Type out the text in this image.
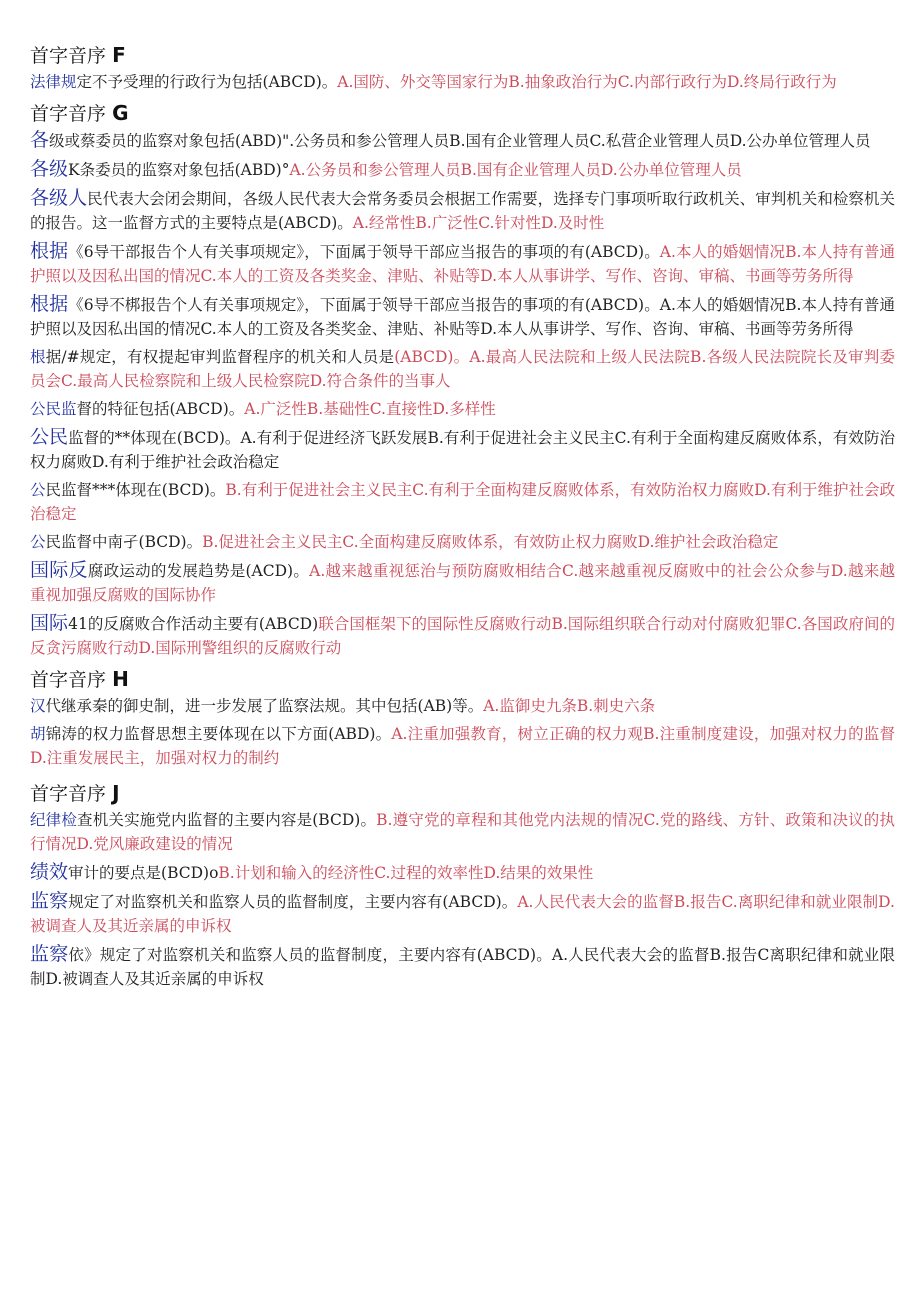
首字音序 F

法律规定不予受理的行政行为包括(ABCD)。A.国防、外交等国家行为B.抽象政治行为C.内部行政行为D.终局行政行为

首字音序 G

各级或蔡委员的监察对象包括(ABD)".公务员和参公管理人员B.国有企业管理人员C.私营企业管理人员D.公办单位管理人员

各级K条委员的监察对象包括(ABD)°A.公务员和参公管理人员B.国有企业管理人员D.公办单位管理人员

各级人民代表大会闭会期间，各级人民代表大会常务委员会根据工作需要，选择专门事项听取行政机关、审判机关和检察机关的报告。这一监督方式的主要特点是(ABCD)。A.经常性B.广泛性C.针对性D.及时性

根据《6导干部报告个人有关事项规定》，下面属于领导干部应当报告的事项的有(ABCD)。A.本人的婚姻情况B.本人持有普通护照以及因私出国的情况C.本人的工资及各类奖金、津贴、补贴等D.本人从事讲学、写作、咨询、审稿、书画等劳务所得

根据《6导不梆报告个人有关事项规定》，下面属于领导干部应当报告的事项的有(ABCD)。A.本人的婚姻情况B.本人持有普通护照以及因私出国的情况C.本人的工资及各类奖金、津贴、补贴等D.本人从事讲学、写作、咨询、审稿、书画等劳务所得

根据/#规定，有权提起审判监督程序的机关和人员是(ABCD)。A.最高人民法院和上级人民法院B.各级人民法院院长及审判委员会C.最高人民检察院和上级人民检察院D.符合条件的当事人

公民监督的特征包括(ABCD)。A.广泛性B.基础性C.直接性D.多样性

公民监督的**体现在(BCD)。A.有利于促进经济飞跃发展B.有利于促进社会主义民主C.有利于全面构建反腐败体系，有效防治权力腐败D.有利于维护社会政治稳定

公民监督***体现在(BCD)。B.有利于促进社会主义民主C.有利于全面构建反腐败体系，有效防治权力腐败D.有利于维护社会政治稳定

公民监督中南孑(BCD)。B.促进社会主义民主C.全面构建反腐败体系，有效防止权力腐败D.维护社会政治稳定

国际反腐政运动的发展趋势是(ACD)。A.越来越重视惩治与预防腐败相结合C.越来越重视反腐败中的社会公众参与D.越来越重视加强反腐败的国际协作

国际41的反腐败合作活动主要有(ABCD)联合国框架下的国际性反腐败行动B.国际组织联合行动对付腐败犯罪C.各国政府间的反贪污腐败行动D.国际刑警组织的反腐败行动

首字音序 H

汉代继承秦的御史制，进一步发展了监察法规。其中包括(AB)等。A.监御史九条B.刺史六条

胡锦涛的权力监督思想主要体现在以下方面(ABD)。A.注重加强教育，树立正确的权力观B.注重制度建设，加强对权力的监督D.注重发展民主，加强对权力的制约

首字音序 J

纪律检查机关实施党内监督的主要内容是(BCD)。B.遵守党的章程和其他党内法规的情况C.党的路线、方针、政策和决议的执行情况D.党风廉政建设的情况

绩效审计的要点是(BCD)oB.计划和输入的经济性C.过程的效率性D.结果的效果性

监察规定了对监察机关和监察人员的监督制度，主要内容有(ABCD)。A.人民代表大会的监督B.报告C.离职纪律和就业限制D.被调查人及其近亲属的申诉权

监察依》规定了对监察机关和监察人员的监督制度，主要内容有(ABCD)。A.人民代表大会的监督B.报告C离职纪律和就业限制D.被调查人及其近亲属的申诉权
